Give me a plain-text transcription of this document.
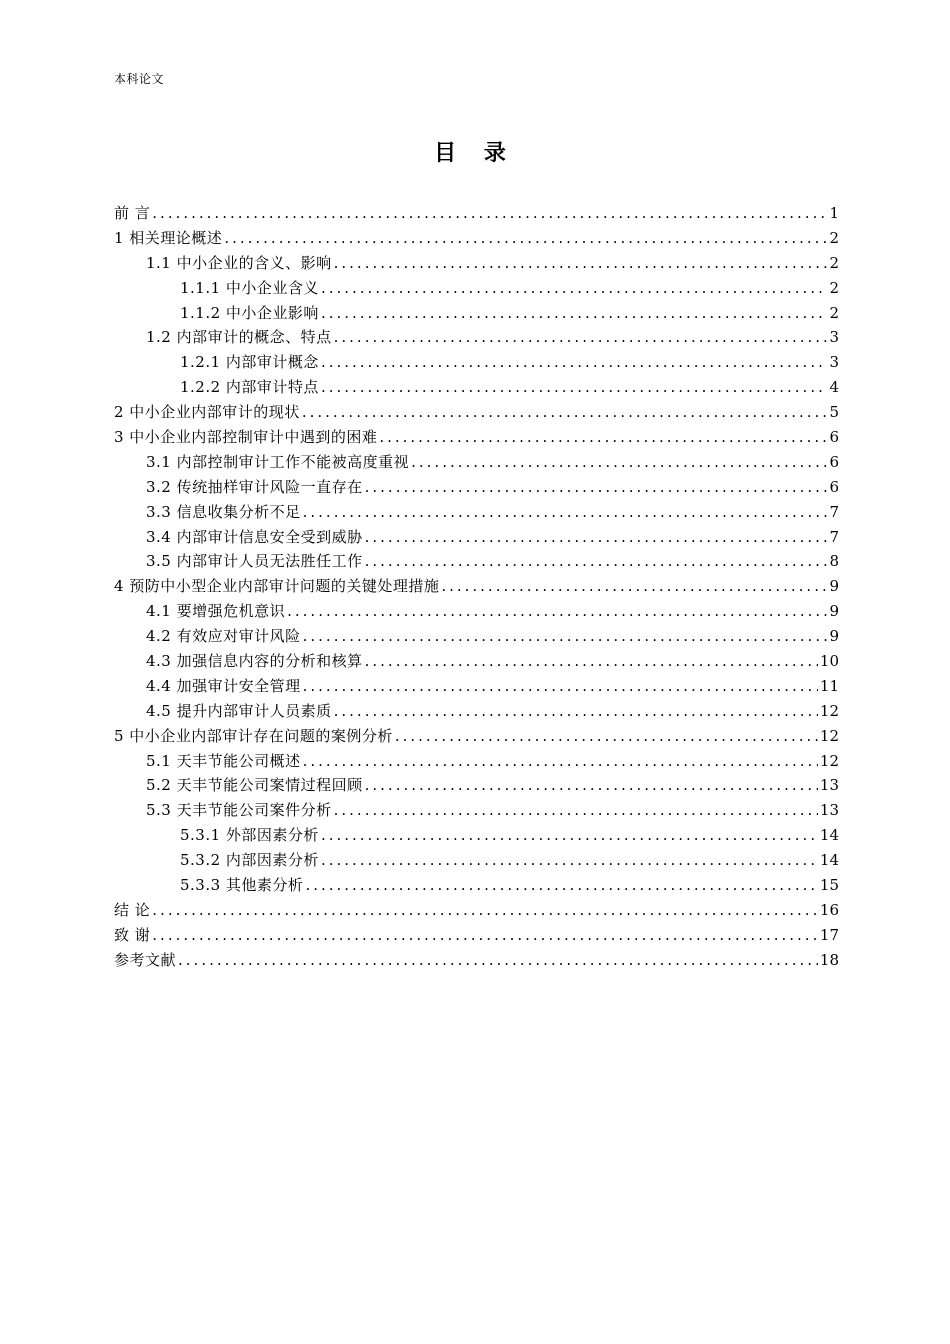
本科论文
目 录
前 言 .....	1
1 相关理论概述 .....	2
1.1 中小企业的含义、影响 .....	2
1.1.1 中小企业含义 .....	2
1.1.2 中小企业影响 .....	2
1.2 内部审计的概念、特点 .....	3
1.2.1 内部审计概念 .....	3
1.2.2 内部审计特点 .....	4
2 中小企业内部审计的现状 .....	5
3 中小企业内部控制审计中遇到的困难 .....	6
3.1 内部控制审计工作不能被高度重视 .....	6
3.2 传统抽样审计风险一直存在 .....	6
3.3 信息收集分析不足 .....	7
3.4 内部审计信息安全受到威胁 .....	7
3.5 内部审计人员无法胜任工作 .....	8
4 预防中小型企业内部审计问题的关键处理措施 .....	9
4.1 要增强危机意识 .....	9
4.2 有效应对审计风险 .....	9
4.3 加强信息内容的分析和核算 .....	10
4.4 加强审计安全管理 .....	11
4.5 提升内部审计人员素质 .....	12
5 中小企业内部审计存在问题的案例分析 .....	12
5.1 天丰节能公司概述 .....	12
5.2 天丰节能公司案情过程回顾 .....	13
5.3 天丰节能公司案件分析 .....	13
5.3.1 外部因素分析 .....	14
5.3.2 内部因素分析 .....	14
5.3.3 其他素分析 .....	15
结 论 .....	16
致 谢 .....	17
参考文献 .....	18
